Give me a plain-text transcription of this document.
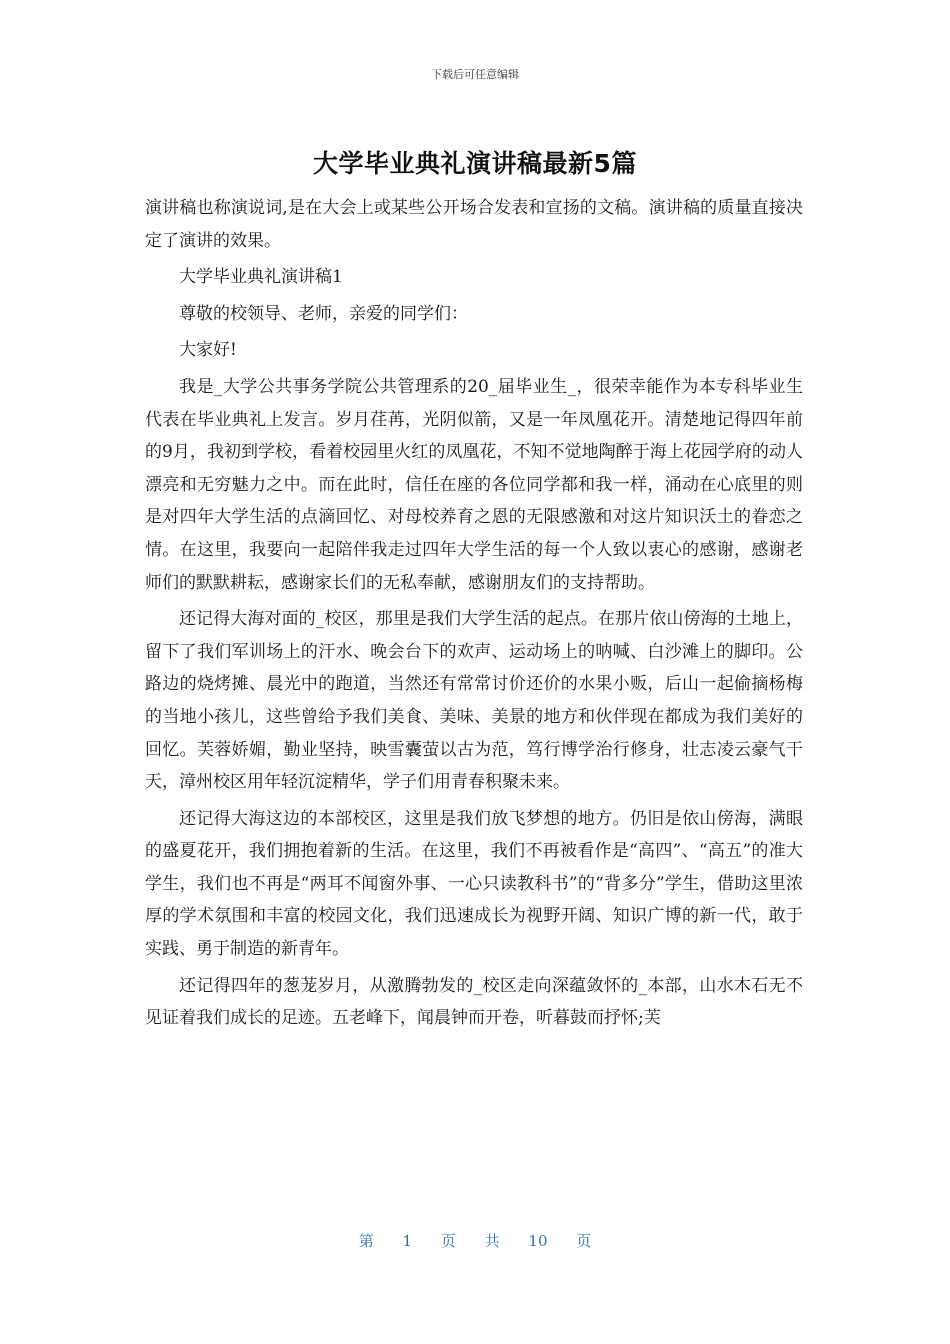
下载后可任意编辑
大学毕业典礼演讲稿最新5篇

演讲稿也称演说词,是在大会上或某些公开场合发表和宣扬的文稿。演讲稿的质量直接决定了演讲的效果。

大学毕业典礼演讲稿1

尊敬的校领导、老师，亲爱的同学们：

大家好!

我是_大学公共事务学院公共管理系的20_届毕业生_，很荣幸能作为本专科毕业生代表在毕业典礼上发言。岁月荏苒，光阴似箭，又是一年凤凰花开。清楚地记得四年前的9月，我初到学校，看着校园里火红的凤凰花，不知不觉地陶醉于海上花园学府的动人漂亮和无穷魅力之中。而在此时，信任在座的各位同学都和我一样，涌动在心底里的则是对四年大学生活的点滴回忆、对母校养育之恩的无限感激和对这片知识沃土的眷恋之情。在这里，我要向一起陪伴我走过四年大学生活的每一个人致以衷心的感谢，感谢老师们的默默耕耘，感谢家长们的无私奉献，感谢朋友们的支持帮助。

还记得大海对面的_校区，那里是我们大学生活的起点。在那片依山傍海的土地上，留下了我们军训场上的汗水、晚会台下的欢声、运动场上的呐喊、白沙滩上的脚印。公路边的烧烤摊、晨光中的跑道，当然还有常常讨价还价的水果小贩，后山一起偷摘杨梅的当地小孩儿，这些曾给予我们美食、美味、美景的地方和伙伴现在都成为我们美好的回忆。芙蓉娇媚，勤业坚持，映雪囊萤以古为范，笃行博学治行修身，壮志凌云豪气干天，漳州校区用年轻沉淀精华，学子们用青春积聚未来。

还记得大海这边的本部校区，这里是我们放飞梦想的地方。仍旧是依山傍海，满眼的盛夏花开，我们拥抱着新的生活。在这里，我们不再被看作是“高四”、“高五”的准大学生，我们也不再是“两耳不闻窗外事、一心只读教科书”的“背多分”学生，借助这里浓厚的学术氛围和丰富的校园文化，我们迅速成长为视野开阔、知识广博的新一代，敢于实践、勇于制造的新青年。

还记得四年的葱茏岁月，从激腾勃发的_校区走向深蕴敛怀的_本部，山水木石无不见证着我们成长的足迹。五老峰下，闻晨钟而开卷，听暮鼓而抒怀;芙

第 1 页 共 10 页
